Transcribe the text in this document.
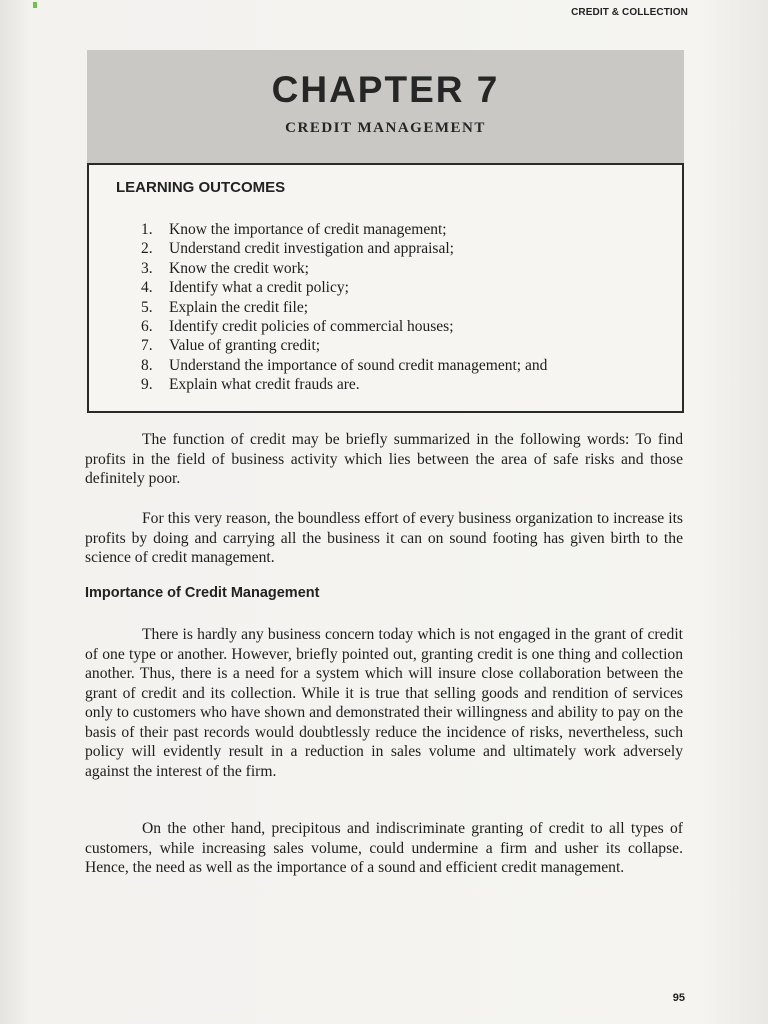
CREDIT & COLLECTION
CHAPTER 7
CREDIT MANAGEMENT
LEARNING OUTCOMES
1.	Know the importance of credit management;
2.	Understand credit investigation and appraisal;
3.	Know the credit work;
4.	Identify what a credit policy;
5.	Explain the credit file;
6.	Identify credit policies of commercial houses;
7.	Value of granting credit;
8.	Understand the importance of sound credit management; and
9.	Explain what credit frauds are.

The function of credit may be briefly summarized in the following words: To find profits in the field of business activity which lies between the area of safe risks and those definitely poor.

For this very reason, the boundless effort of every business organization to increase its profits by doing and carrying all the business it can on sound footing has given birth to the science of credit management.

Importance of Credit Management

There is hardly any business concern today which is not engaged in the grant of credit of one type or another. However, briefly pointed out, granting credit is one thing and collection another. Thus, there is a need for a system which will insure close collaboration between the grant of credit and its collection. While it is true that selling goods and rendition of services only to customers who have shown and demonstrated their willingness and ability to pay on the basis of their past records would doubtlessly reduce the incidence of risks, nevertheless, such policy will evidently result in a reduction in sales volume and ultimately work adversely against the interest of the firm.

On the other hand, precipitous and indiscriminate granting of credit to all types of customers, while increasing sales volume, could undermine a firm and usher its collapse. Hence, the need as well as the importance of a sound and efficient credit management.

95
